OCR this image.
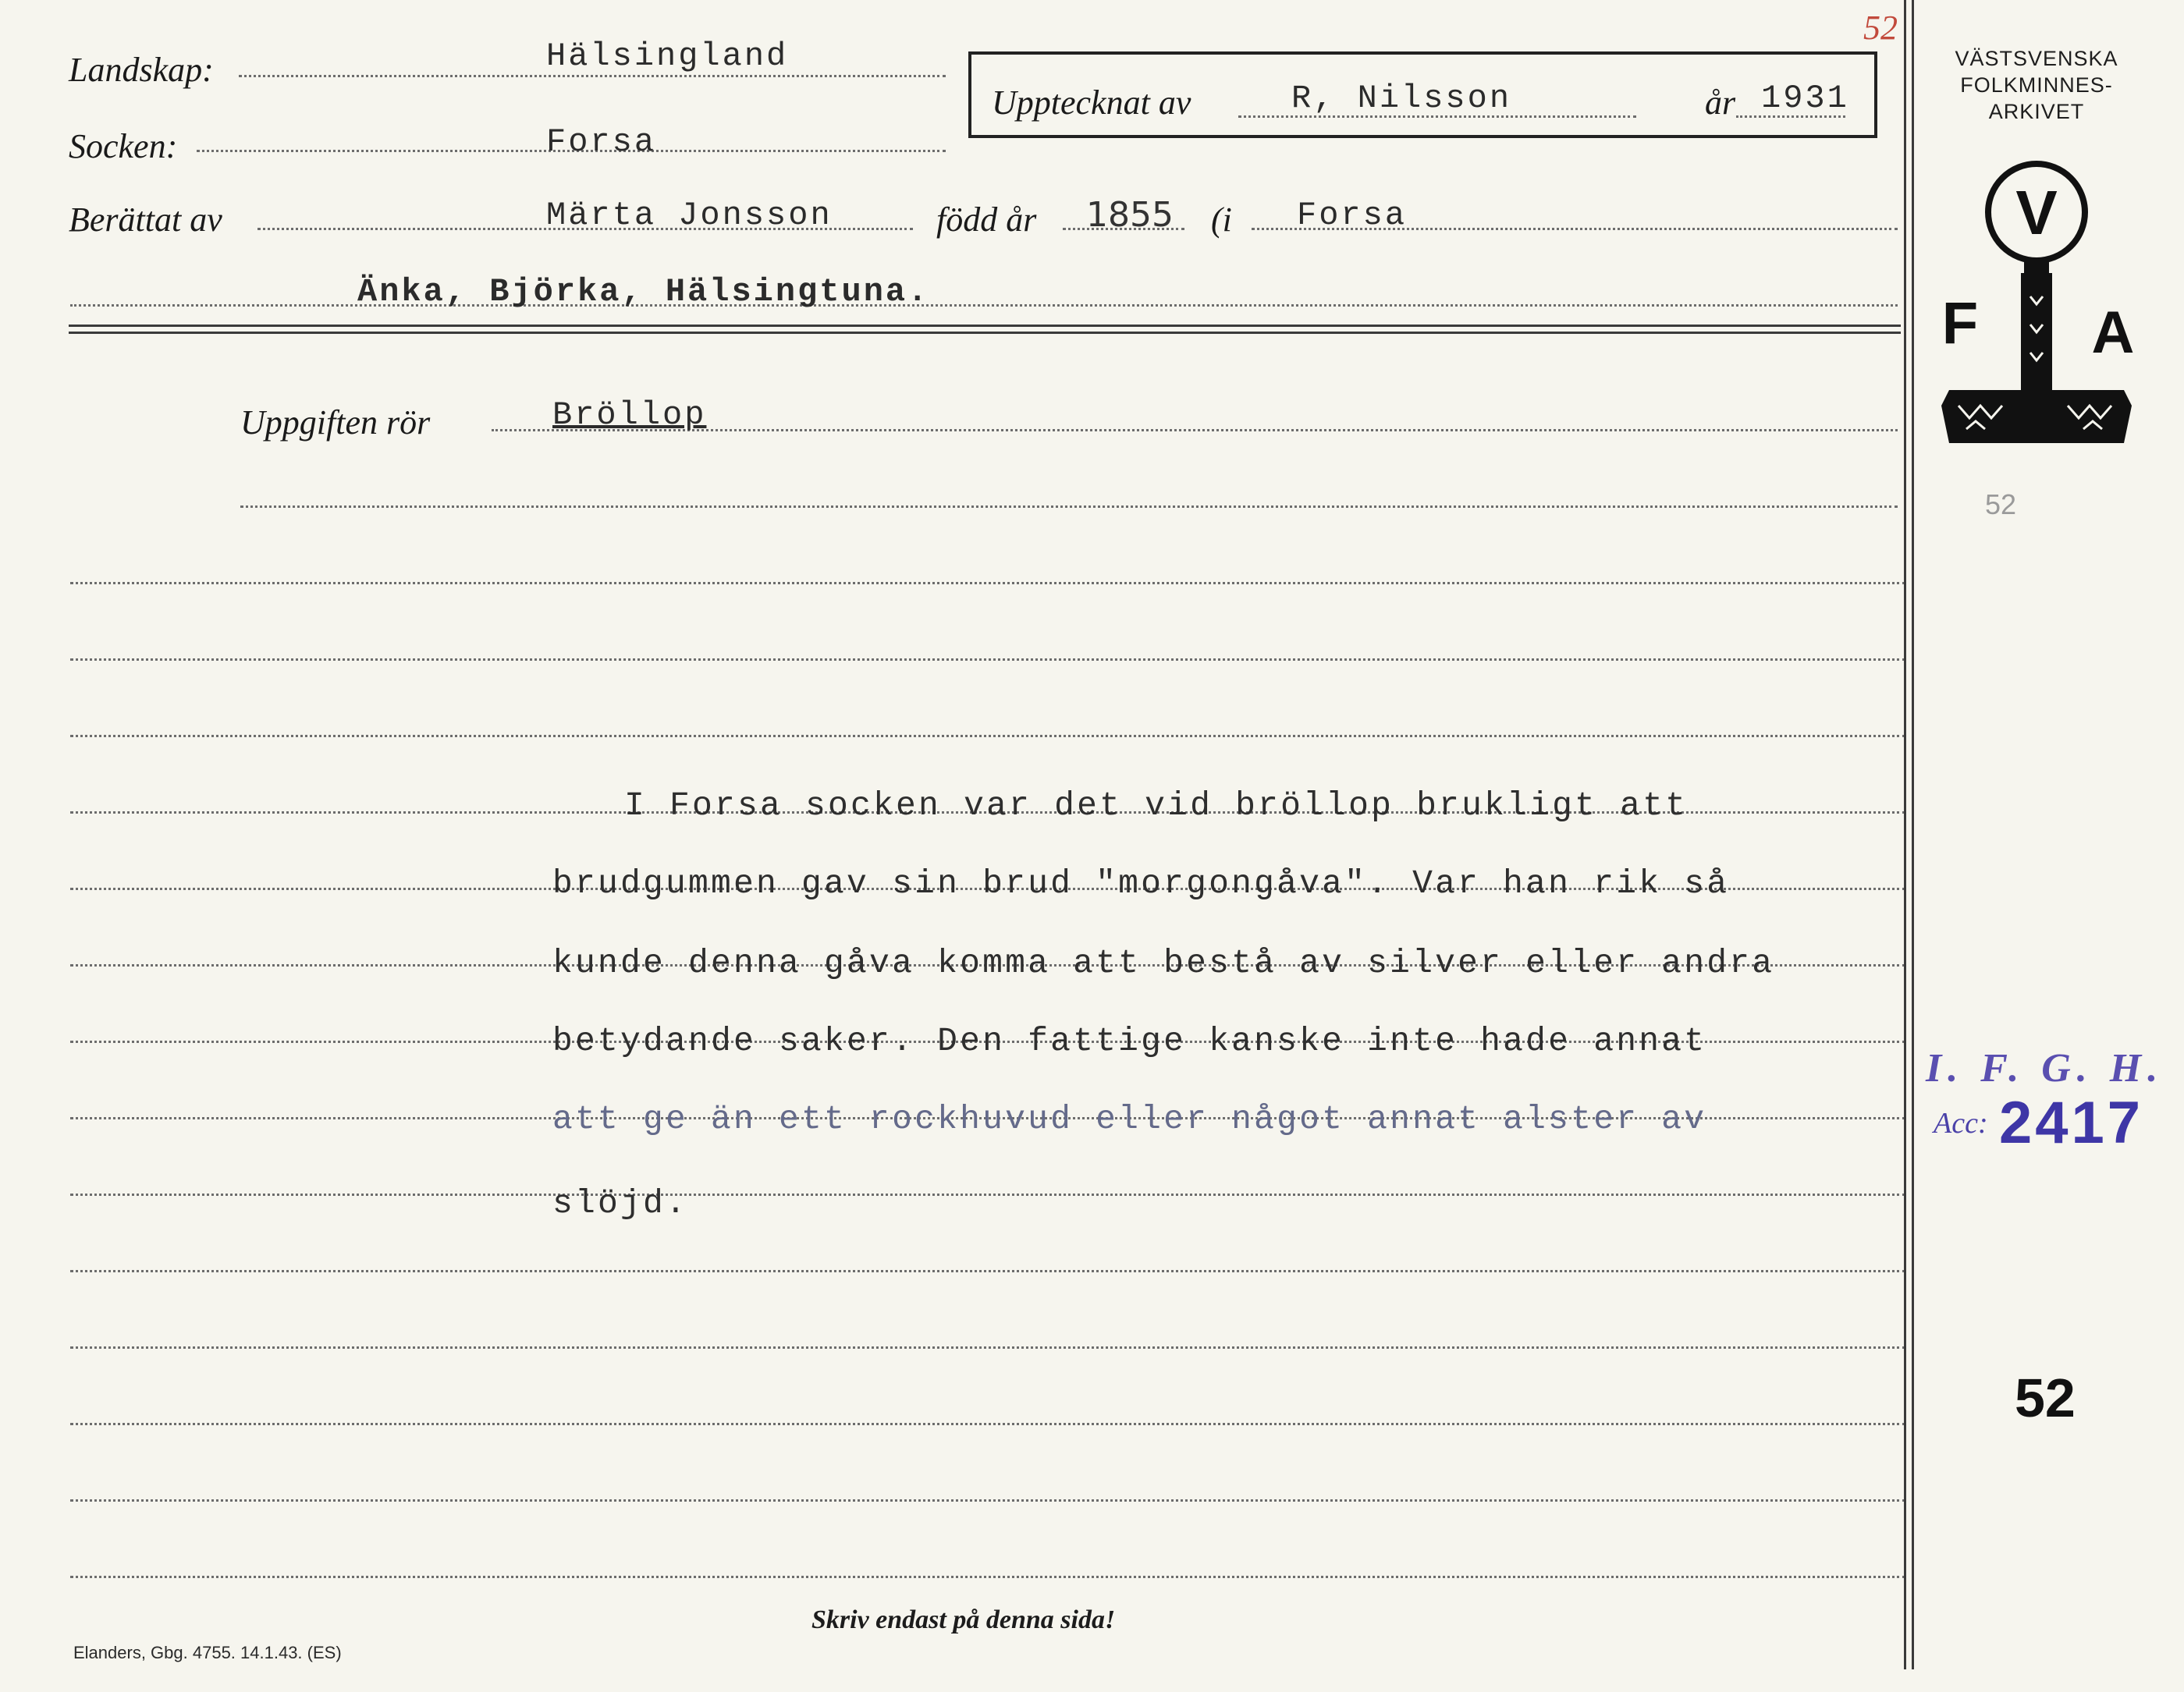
Landskap:	Hälsingland
Socken:	Forsa
Upptecknat av	R, Nilsson	år 1931
Berättat av	Märta Jonsson	född år 1855 (i Forsa
Änka, Björka, Hälsingtuna.
Uppgiften rör	Bröllop
I Forsa socken var det vid bröllop brukligt att
brudgummen gav sin brud "morgongåva". Var han rik så
kunde denna gåva komma att bestå av silver eller andra
betydande saker. Den fattige kanske inte hade annat
att ge än ett rockhuvud eller något annat alster av
slöjd.
52
VÄSTSVENSKA
FOLKMINNES-
ARKIVET
V
F A
52
I. F. G. H.
Acc: 2417
52
Skriv endast på denna sida!
Elanders, Gbg. 4755. 14.1.43. (ES)
